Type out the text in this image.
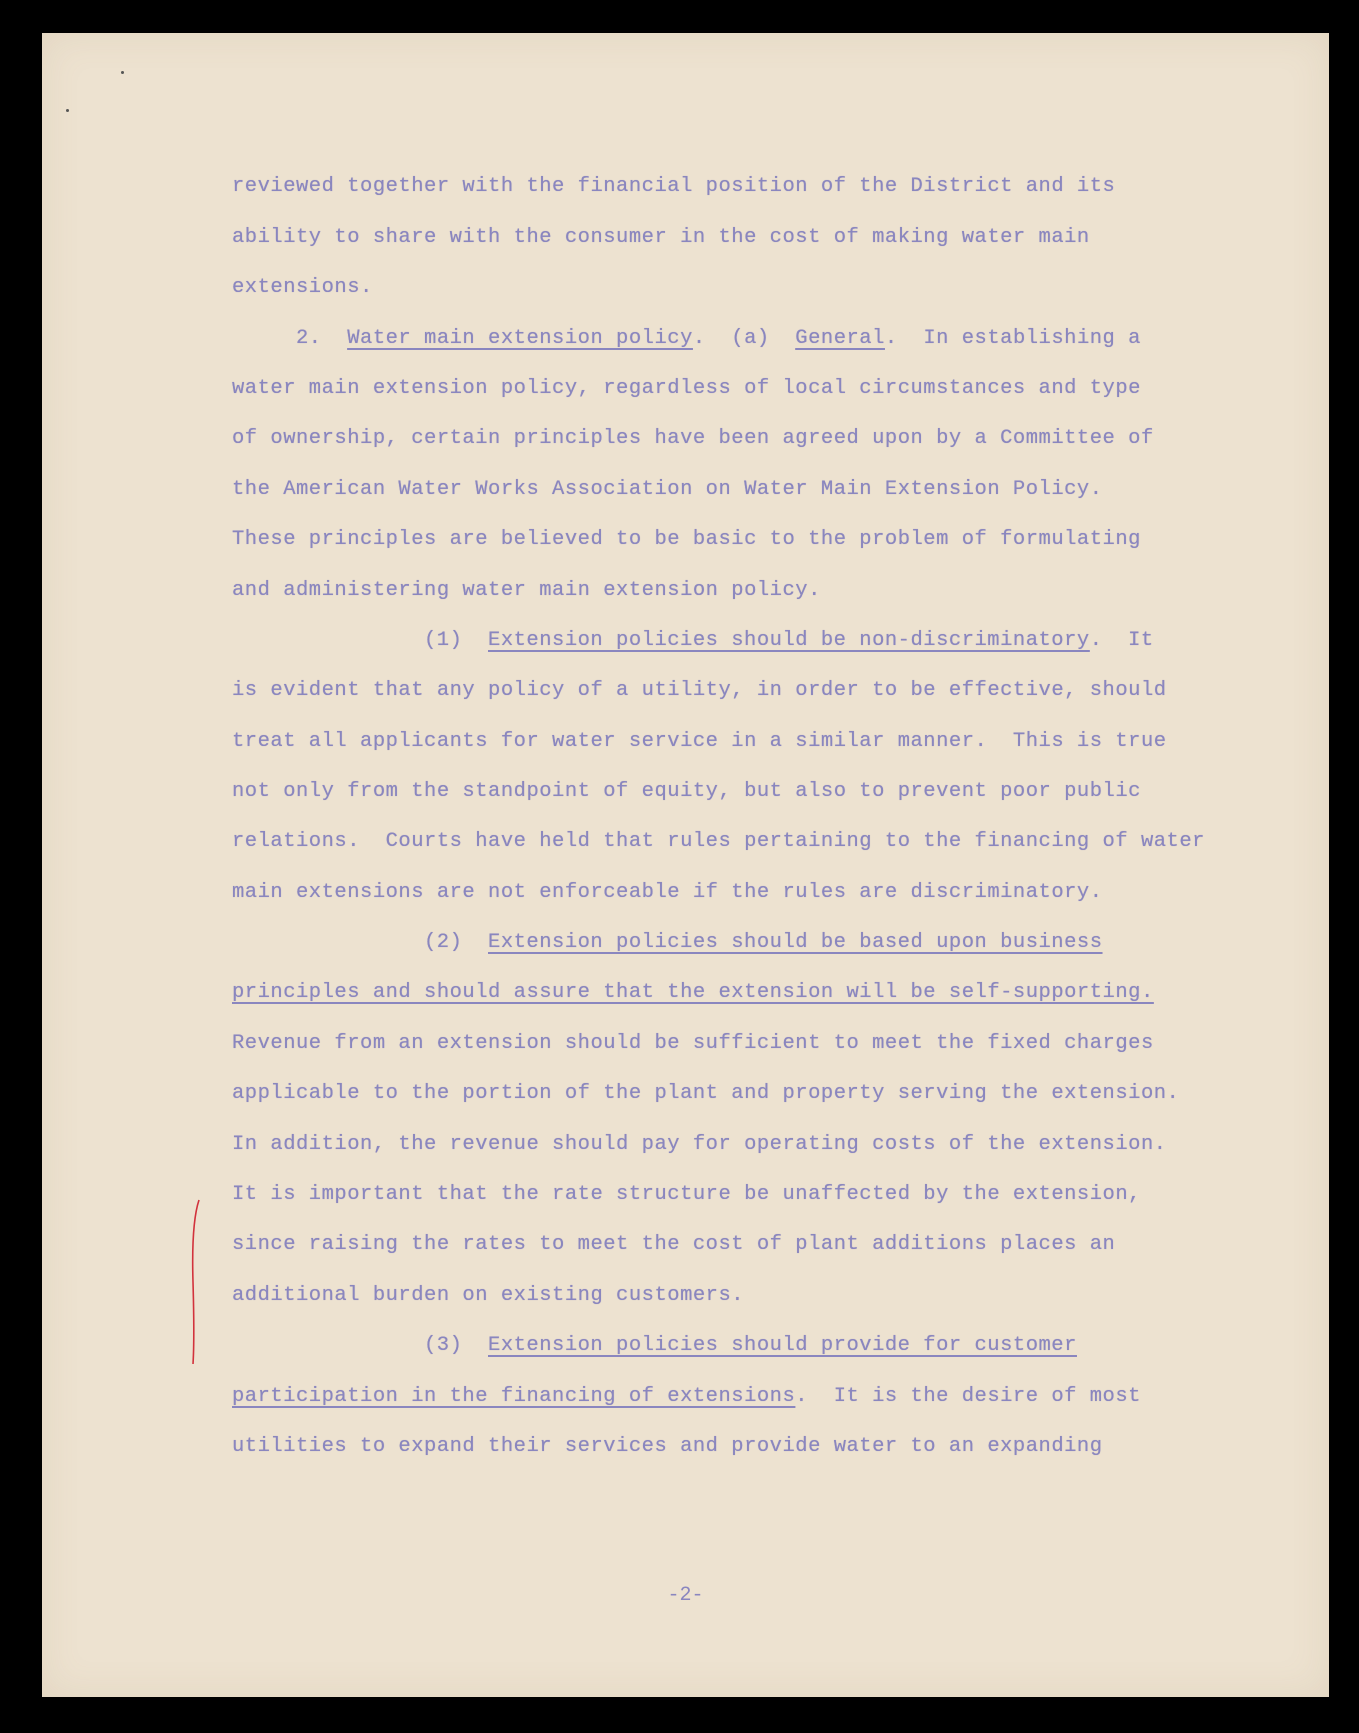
reviewed together with the financial position of the District and its
ability to share with the consumer in the cost of making water main
extensions.
2.  Water main extension policy.  (a)  General.  In establishing a
water main extension policy, regardless of local circumstances and type
of ownership, certain principles have been agreed upon by a Committee of
the American Water Works Association on Water Main Extension Policy.
These principles are believed to be basic to the problem of formulating
and administering water main extension policy.
(1)  Extension policies should be non-discriminatory.  It
is evident that any policy of a utility, in order to be effective, should
treat all applicants for water service in a similar manner.  This is true
not only from the standpoint of equity, but also to prevent poor public
relations.  Courts have held that rules pertaining to the financing of water
main extensions are not enforceable if the rules are discriminatory.
(2)  Extension policies should be based upon business
principles and should assure that the extension will be self-supporting.
Revenue from an extension should be sufficient to meet the fixed charges
applicable to the portion of the plant and property serving the extension.
In addition, the revenue should pay for operating costs of the extension.
It is important that the rate structure be unaffected by the extension,
since raising the rates to meet the cost of plant additions places an
additional burden on existing customers.
(3)  Extension policies should provide for customer
participation in the financing of extensions.  It is the desire of most
utilities to expand their services and provide water to an expanding
-2-
